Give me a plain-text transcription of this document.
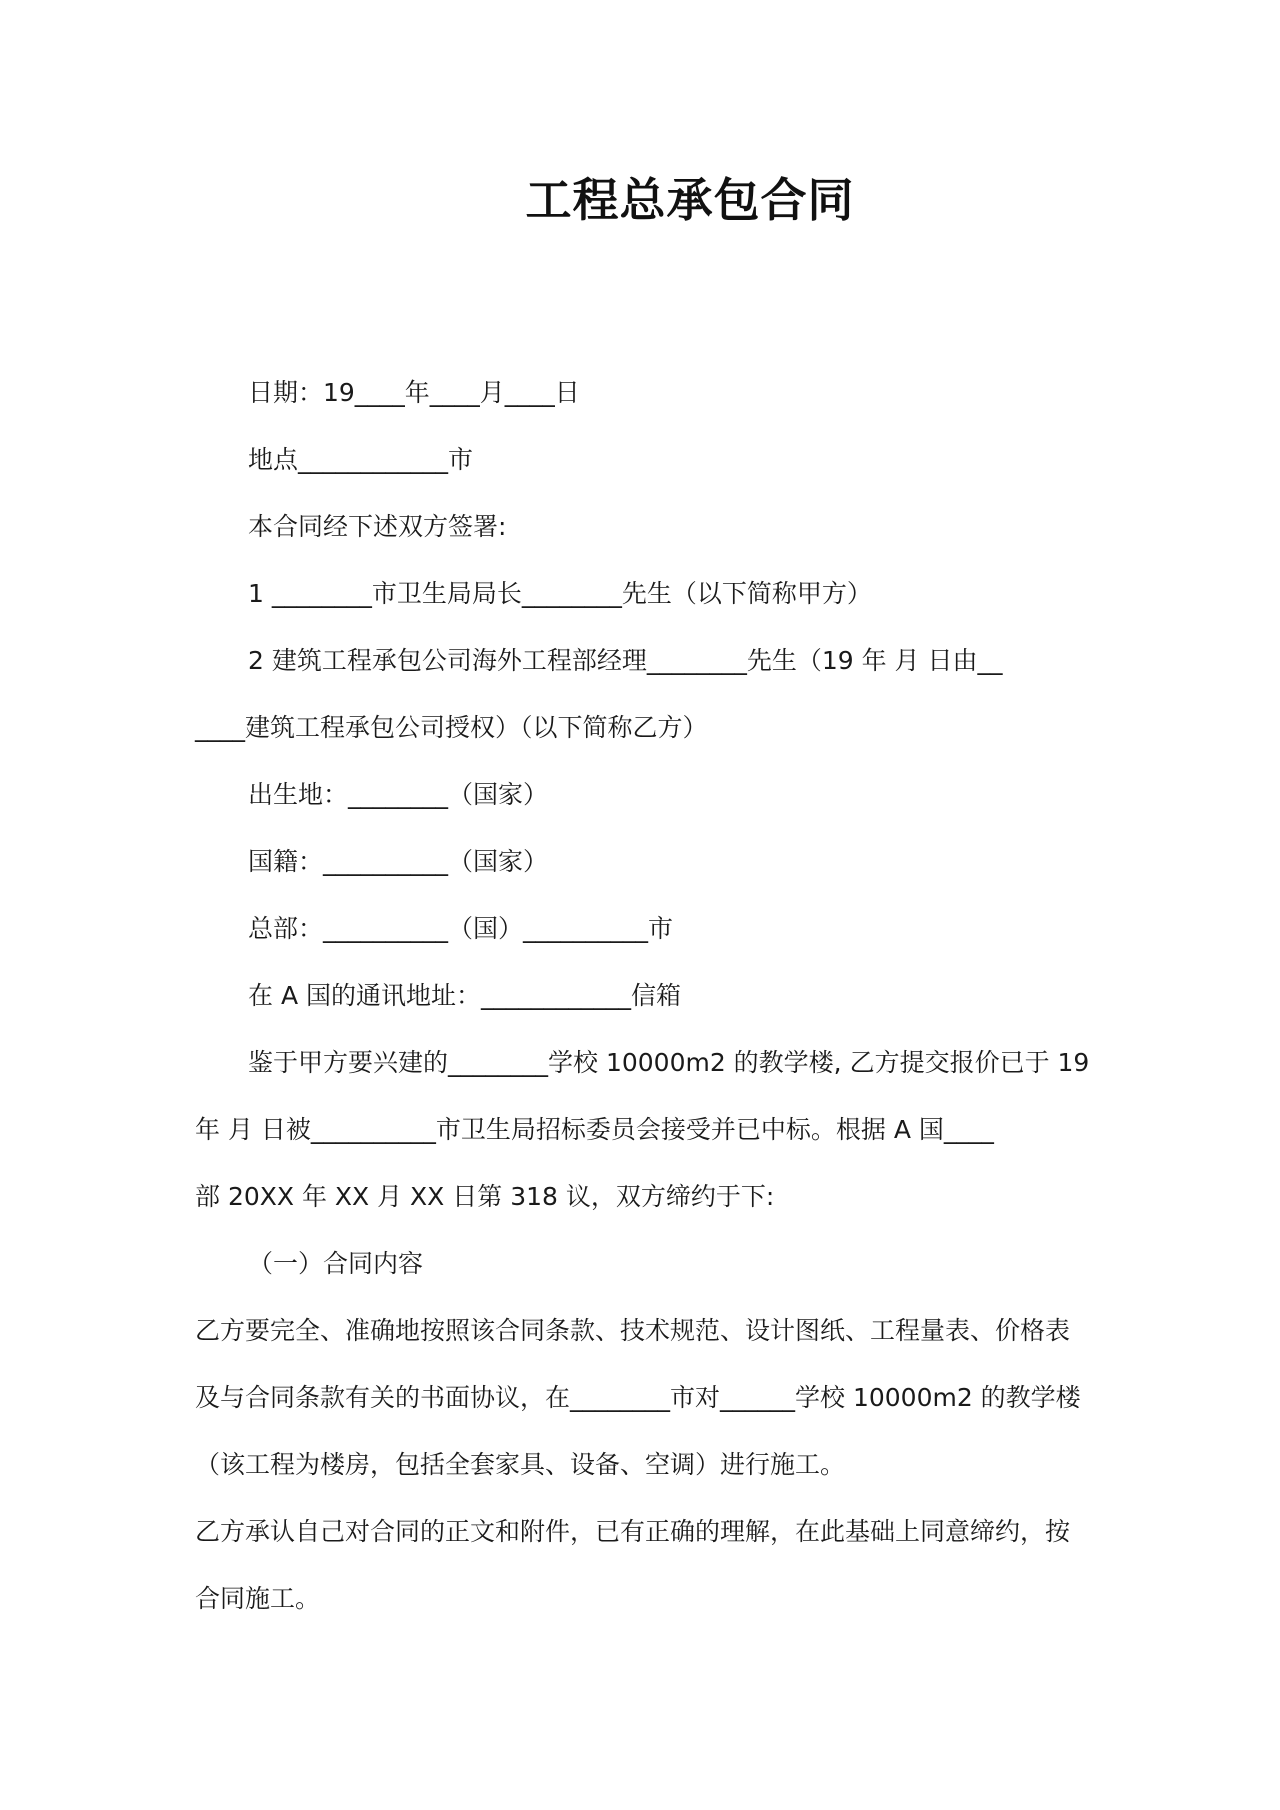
工程总承包合同

日期：19____年____月____日

地点____________市

本合同经下述双方签署:

1 ________市卫生局局长________先生（以下简称甲方）

2 建筑工程承包公司海外工程部经理________先生（19 年 月 日由__

____建筑工程承包公司授权）（以下简称乙方）

出生地：________（国家）

国籍：__________（国家）

总部：__________（国）__________市

在 A 国的通讯地址：____________信箱

鉴于甲方要兴建的________学校 10000m2 的教学楼, 乙方提交报价已于 19

年 月 日被__________市卫生局招标委员会接受并已中标。根据 A 国____

部 20XX 年 XX 月 XX 日第 318 议，双方缔约于下:

（一）合同内容

乙方要完全、准确地按照该合同条款、技术规范、设计图纸、工程量表、价格表

及与合同条款有关的书面协议，在________市对______学校 10000m2 的教学楼

（该工程为楼房，包括全套家具、设备、空调）进行施工。

乙方承认自己对合同的正文和附件，已有正确的理解，在此基础上同意缔约，按

合同施工。
